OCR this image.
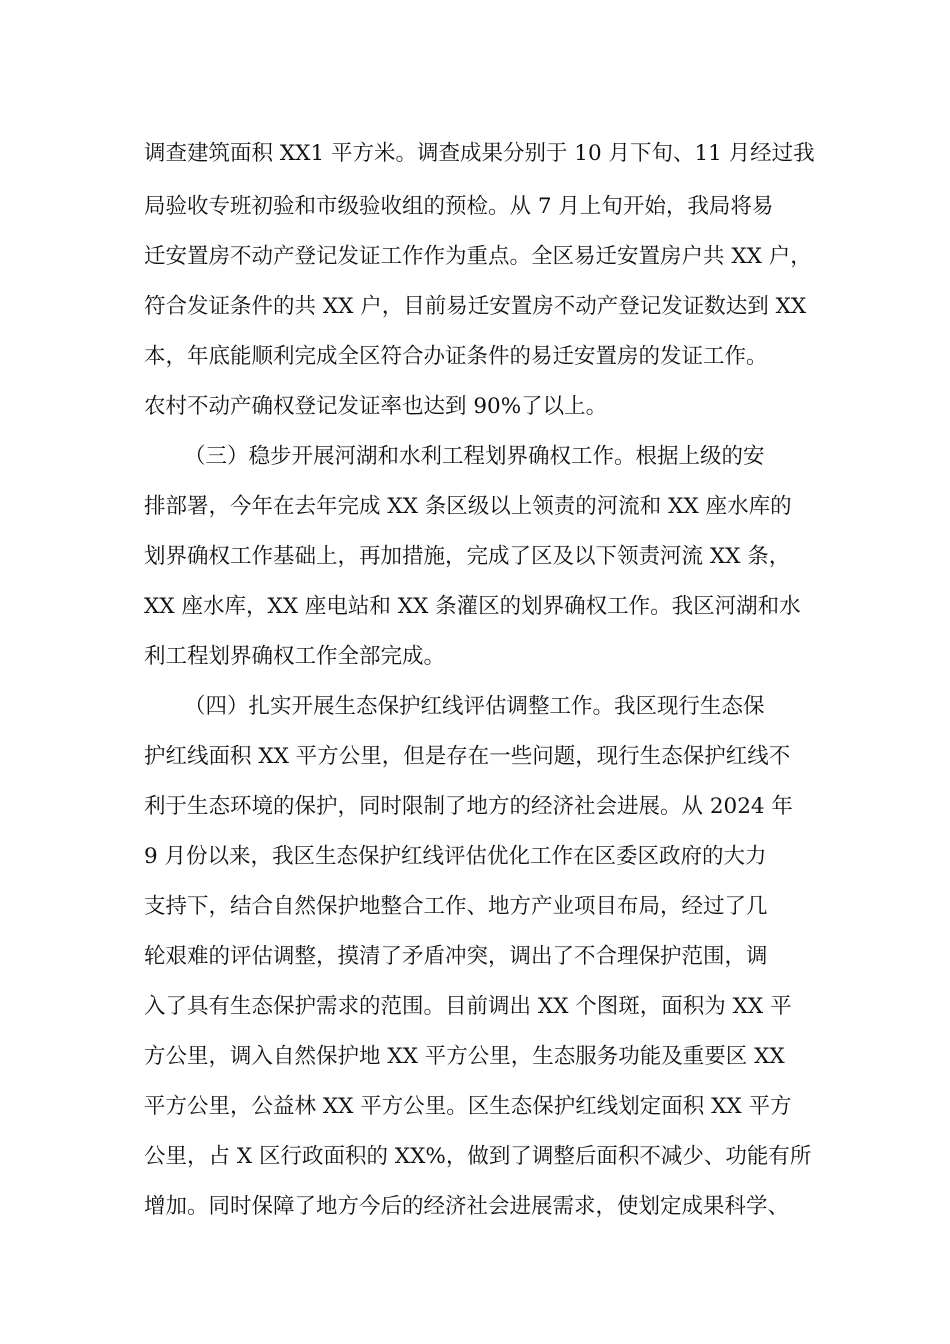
调查建筑面积 XX1 平方米。调查成果分别于 10 月下旬、11 月经过我
局验收专班初验和市级验收组的预检。从 7 月上旬开始，我局将易
迁安置房不动产登记发证工作作为重点。全区易迁安置房户共 XX 户，
符合发证条件的共 XX 户，目前易迁安置房不动产登记发证数达到 XX
本，年底能顺利完成全区符合办证条件的易迁安置房的发证工作。
农村不动产确权登记发证率也达到 90%了以上。
（三）稳步开展河湖和水利工程划界确权工作。根据上级的安
排部署，今年在去年完成 XX 条区级以上领责的河流和 XX 座水库的
划界确权工作基础上，再加措施，完成了区及以下领责河流 XX 条，
XX 座水库，XX 座电站和 XX 条灌区的划界确权工作。我区河湖和水
利工程划界确权工作全部完成。
（四）扎实开展生态保护红线评估调整工作。我区现行生态保
护红线面积 XX 平方公里，但是存在一些问题，现行生态保护红线不
利于生态环境的保护，同时限制了地方的经济社会进展。从 2024 年
9 月份以来，我区生态保护红线评估优化工作在区委区政府的大力
支持下，结合自然保护地整合工作、地方产业项目布局，经过了几
轮艰难的评估调整，摸清了矛盾冲突，调出了不合理保护范围，调
入了具有生态保护需求的范围。目前调出 XX 个图斑，面积为 XX 平
方公里，调入自然保护地 XX 平方公里，生态服务功能及重要区 XX
平方公里，公益林 XX 平方公里。区生态保护红线划定面积 XX 平方
公里，占 X 区行政面积的 XX%，做到了调整后面积不减少、功能有所
增加。同时保障了地方今后的经济社会进展需求，使划定成果科学、
